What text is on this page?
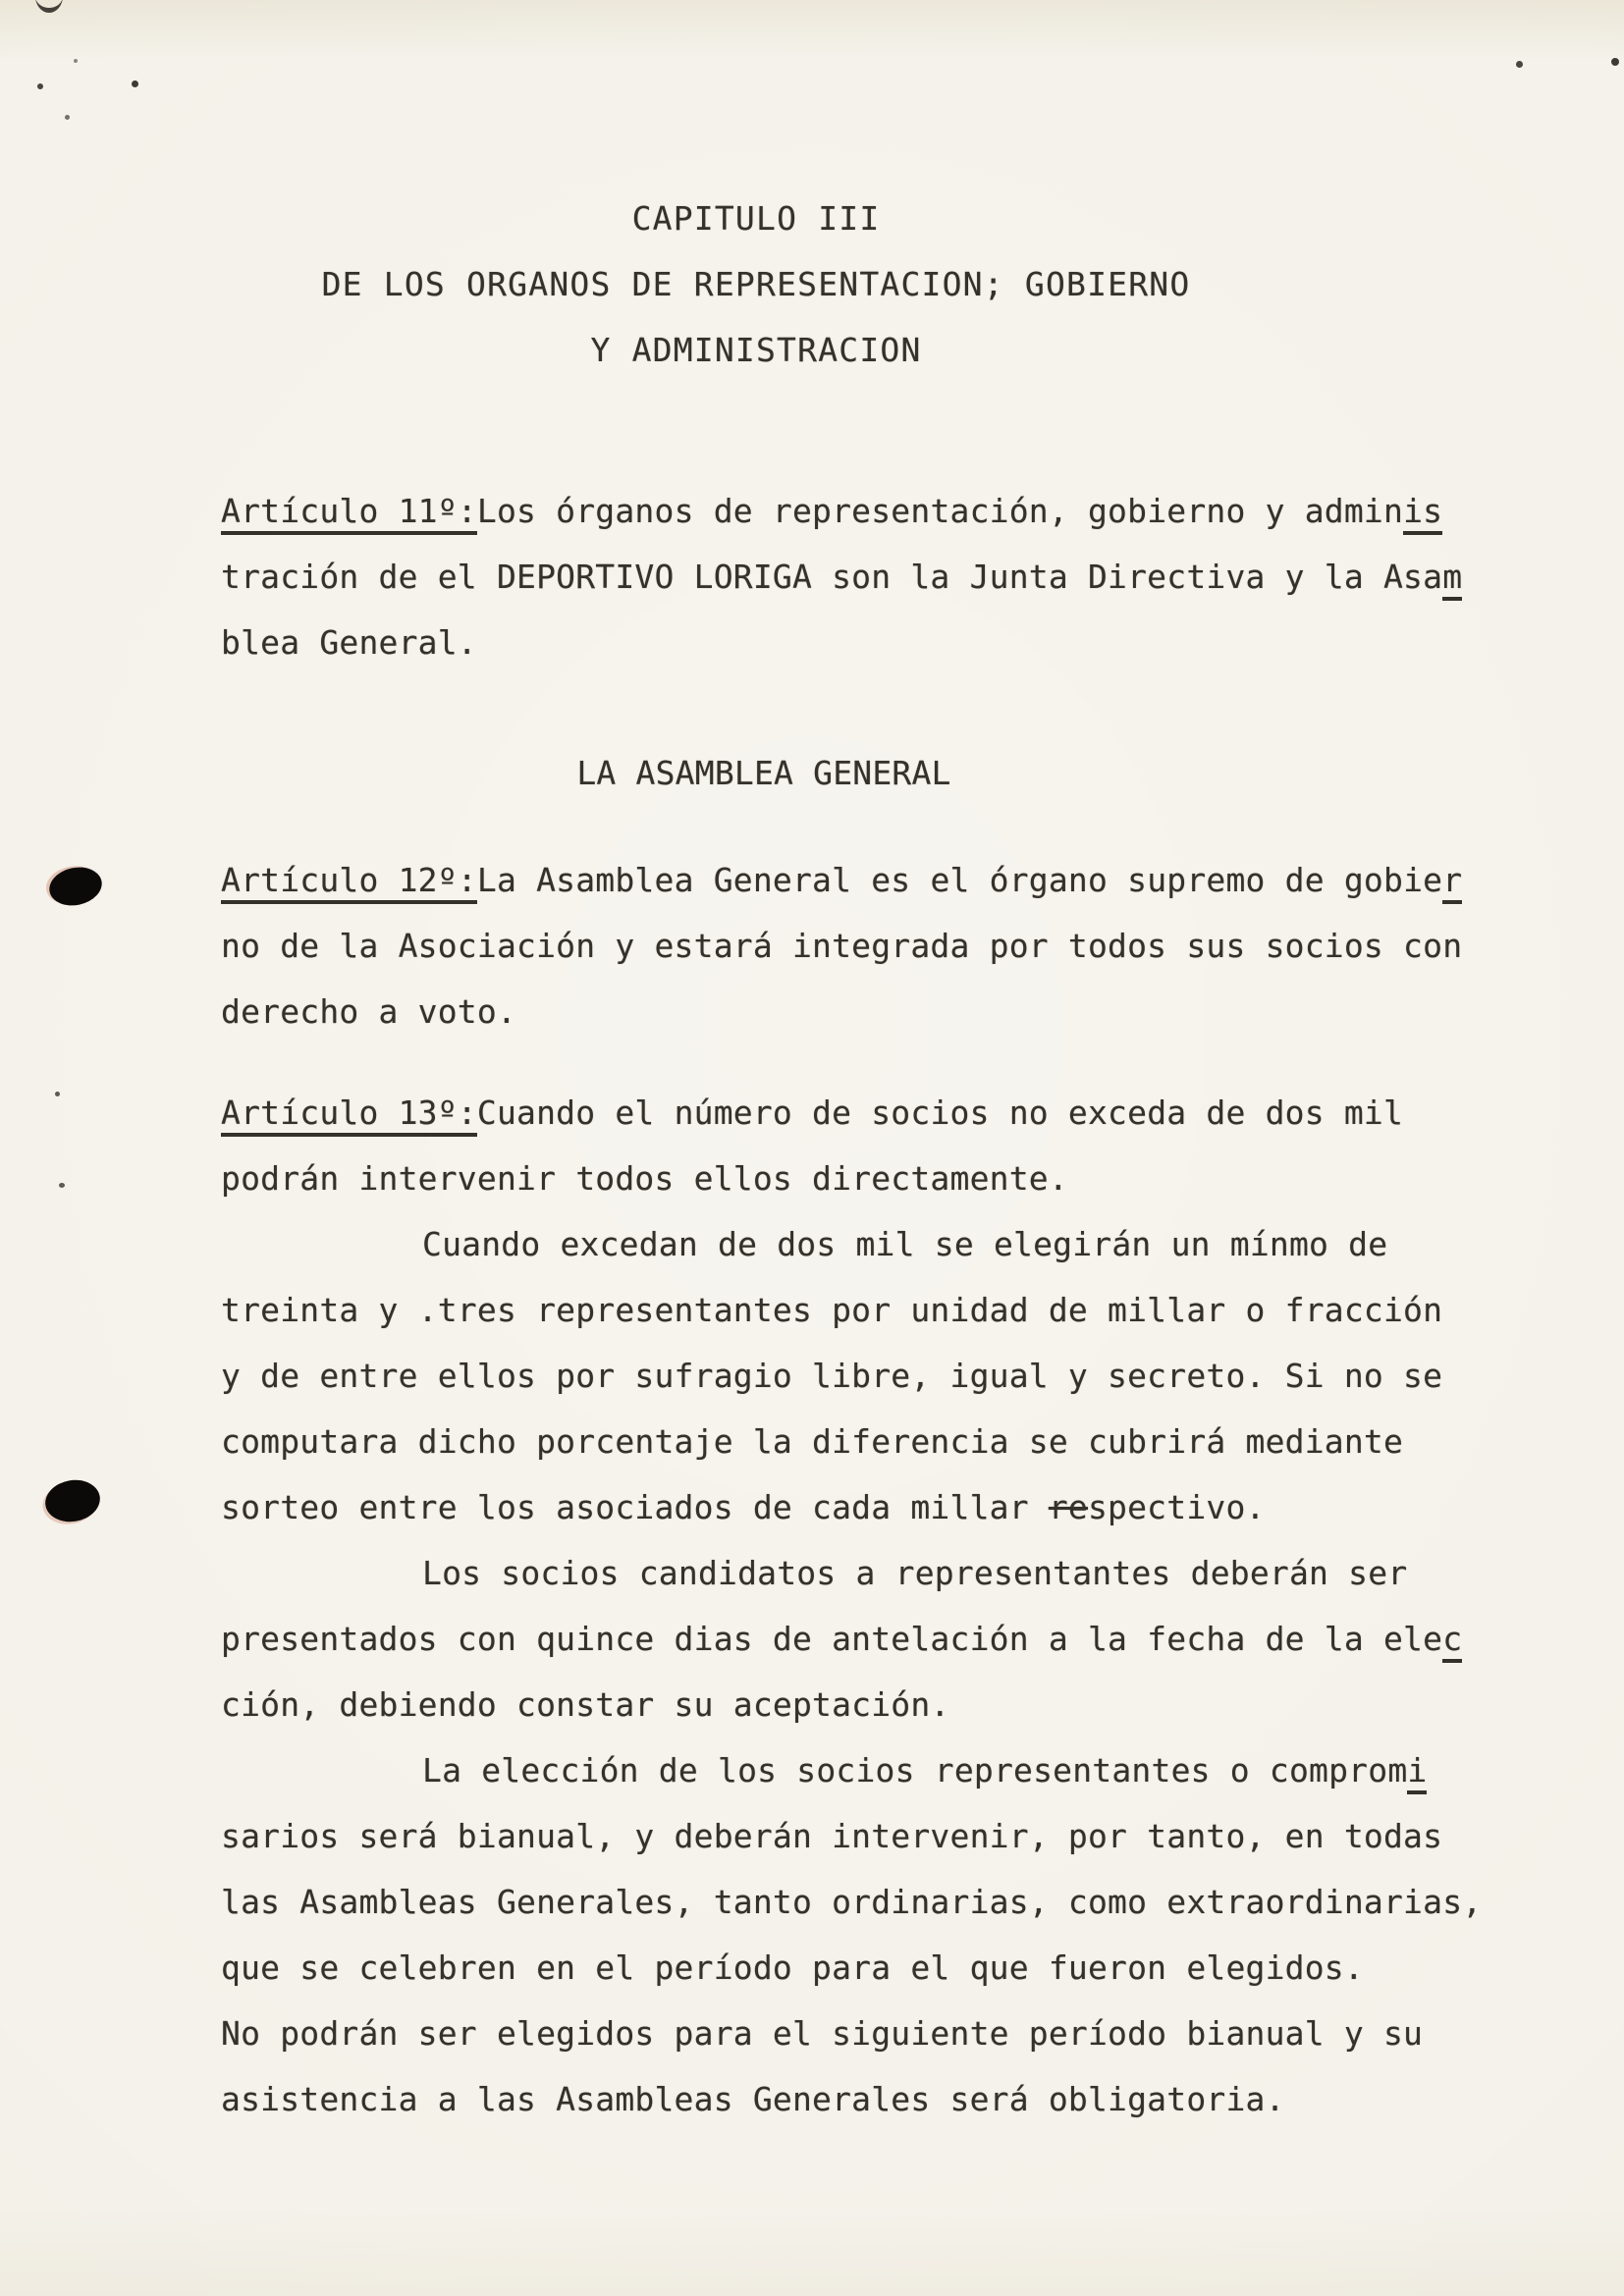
CAPITULO III
DE LOS ORGANOS DE REPRESENTACION; GOBIERNO
Y ADMINISTRACION
Artículo 11º:Los órganos de representación, gobierno y adminis
tración de el DEPORTIVO LORIGA son la Junta Directiva y la Asam
blea General.
LA ASAMBLEA GENERAL
Artículo 12º:La Asamblea General es el órgano supremo de gobier
no de la Asociación y estará integrada por todos sus socios con
derecho a voto.
Artículo 13º:Cuando el número de socios no exceda de dos mil
podrán intervenir todos ellos directamente.
Cuando excedan de dos mil se elegirán un mínmo de
treinta y .tres representantes por unidad de millar o fracción
y de entre ellos por sufragio libre, igual y secreto. Si no se
computara dicho porcentaje la diferencia se cubrirá mediante
sorteo entre los asociados de cada millar respectivo.
Los socios candidatos a representantes deberán ser
presentados con quince dias de antelación a la fecha de la elec
ción, debiendo constar su aceptación.
La elección de los socios representantes o compromi
sarios será bianual, y deberán intervenir, por tanto, en todas
las Asambleas Generales, tanto ordinarias, como extraordinarias,
que se celebren en el período para el que fueron elegidos.
No podrán ser elegidos para el siguiente período bianual y su
asistencia a las Asambleas Generales será obligatoria.
